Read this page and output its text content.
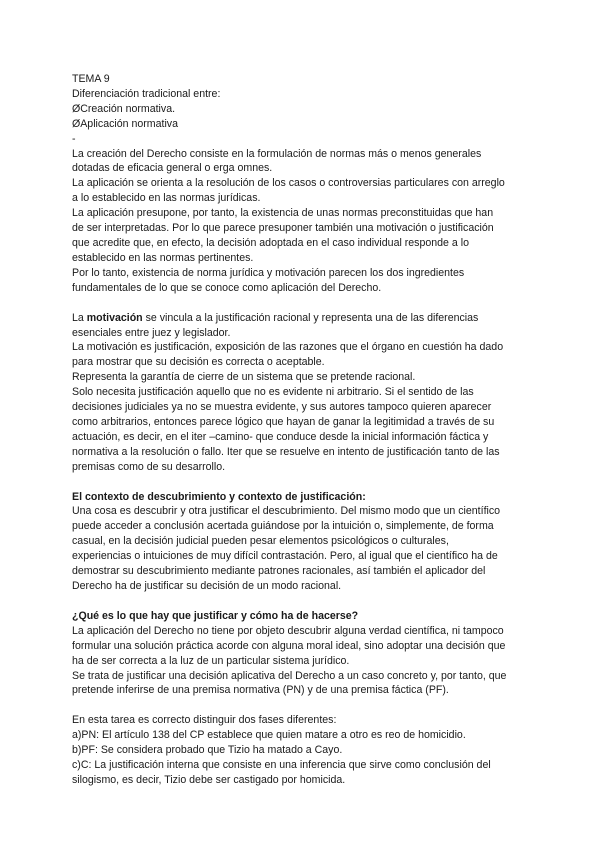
TEMA 9
Diferenciación tradicional entre:
ØCreación normativa.
ØAplicación normativa
-
La creación del Derecho consiste en la formulación de normas más o menos generales
dotadas de eficacia general o erga omnes.
La aplicación se orienta a la resolución de los casos o controversias particulares con arreglo
a lo establecido en las normas jurídicas.
La aplicación presupone, por tanto, la existencia de unas normas preconstituidas que han
de ser interpretadas. Por lo que parece presuponer también una motivación o justificación
que acredite que, en efecto, la decisión adoptada en el caso individual responde a lo
establecido en las normas pertinentes.
Por lo tanto, existencia de norma jurídica y motivación parecen los dos ingredientes
fundamentales de lo que se conoce como aplicación del Derecho.
La motivación se vincula a la justificación racional y representa una de las diferencias
esenciales entre juez y legislador.
La motivación es justificación, exposición de las razones que el órgano en cuestión ha dado
para mostrar que su decisión es correcta o aceptable.
Representa la garantía de cierre de un sistema que se pretende racional.
Solo necesita justificación aquello que no es evidente ni arbitrario. Si el sentido de las
decisiones judiciales ya no se muestra evidente, y sus autores tampoco quieren aparecer
como arbitrarios, entonces parece lógico que hayan de ganar la legitimidad a través de su
actuación, es decir, en el iter –camino- que conduce desde la inicial información fáctica y
normativa a la resolución o fallo. Iter que se resuelve en intento de justificación tanto de las
premisas como de su desarrollo.
El contexto de descubrimiento y contexto de justificación:
Una cosa es descubrir y otra justificar el descubrimiento. Del mismo modo que un científico
puede acceder a conclusión acertada guiándose por la intuición o, simplemente, de forma
casual, en la decisión judicial pueden pesar elementos psicológicos o culturales,
experiencias o intuiciones de muy difícil contrastación. Pero, al igual que el científico ha de
demostrar su descubrimiento mediante patrones racionales, así también el aplicador del
Derecho ha de justificar su decisión de un modo racional.
¿Qué es lo que hay que justificar y cómo ha de hacerse?
La aplicación del Derecho no tiene por objeto descubrir alguna verdad científica, ni tampoco
formular una solución práctica acorde con alguna moral ideal, sino adoptar una decisión que
ha de ser correcta a la luz de un particular sistema jurídico.
Se trata de justificar una decisión aplicativa del Derecho a un caso concreto y, por tanto, que
pretende inferirse de una premisa normativa (PN) y de una premisa fáctica (PF).
En esta tarea es correcto distinguir dos fases diferentes:
a)PN: El artículo 138 del CP establece que quien matare a otro es reo de homicidio.
b)PF: Se considera probado que Tizio ha matado a Cayo.
c)C: La justificación interna que consiste en una inferencia que sirve como conclusión del
silogismo, es decir, Tizio debe ser castigado por homicida.
